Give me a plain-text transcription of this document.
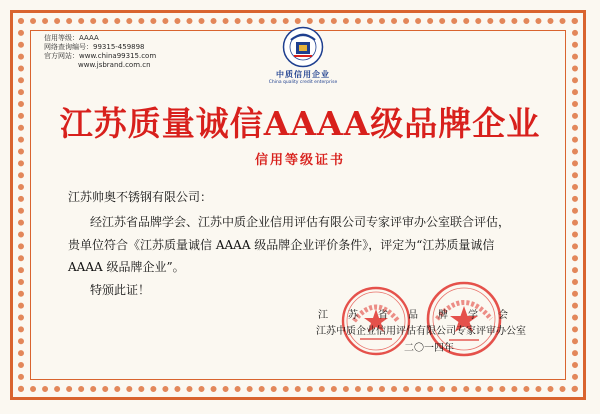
信用等级：AAAA
网络查询编号：99315-459898
官方网站：www.china99315.com
www.jsbrand.com.cn
中质信用企业
China quality credit enterprise
江苏质量诚信AAAA级品牌企业
信用等级证书
江苏帅奥不锈钢有限公司：
经江苏省品牌学会、江苏中质企业信用评估有限公司专家评审办公室联合评估，
贵单位符合《江苏质量诚信 AAAA 级品牌企业评价条件》，评定为“江苏质量诚信
AAAA 级品牌企业”。
特颁此证！
江　　苏　　省　　品　　牌　　学　　会
江苏中质企业信用评估有限公司专家评审办公室
二〇一四年
